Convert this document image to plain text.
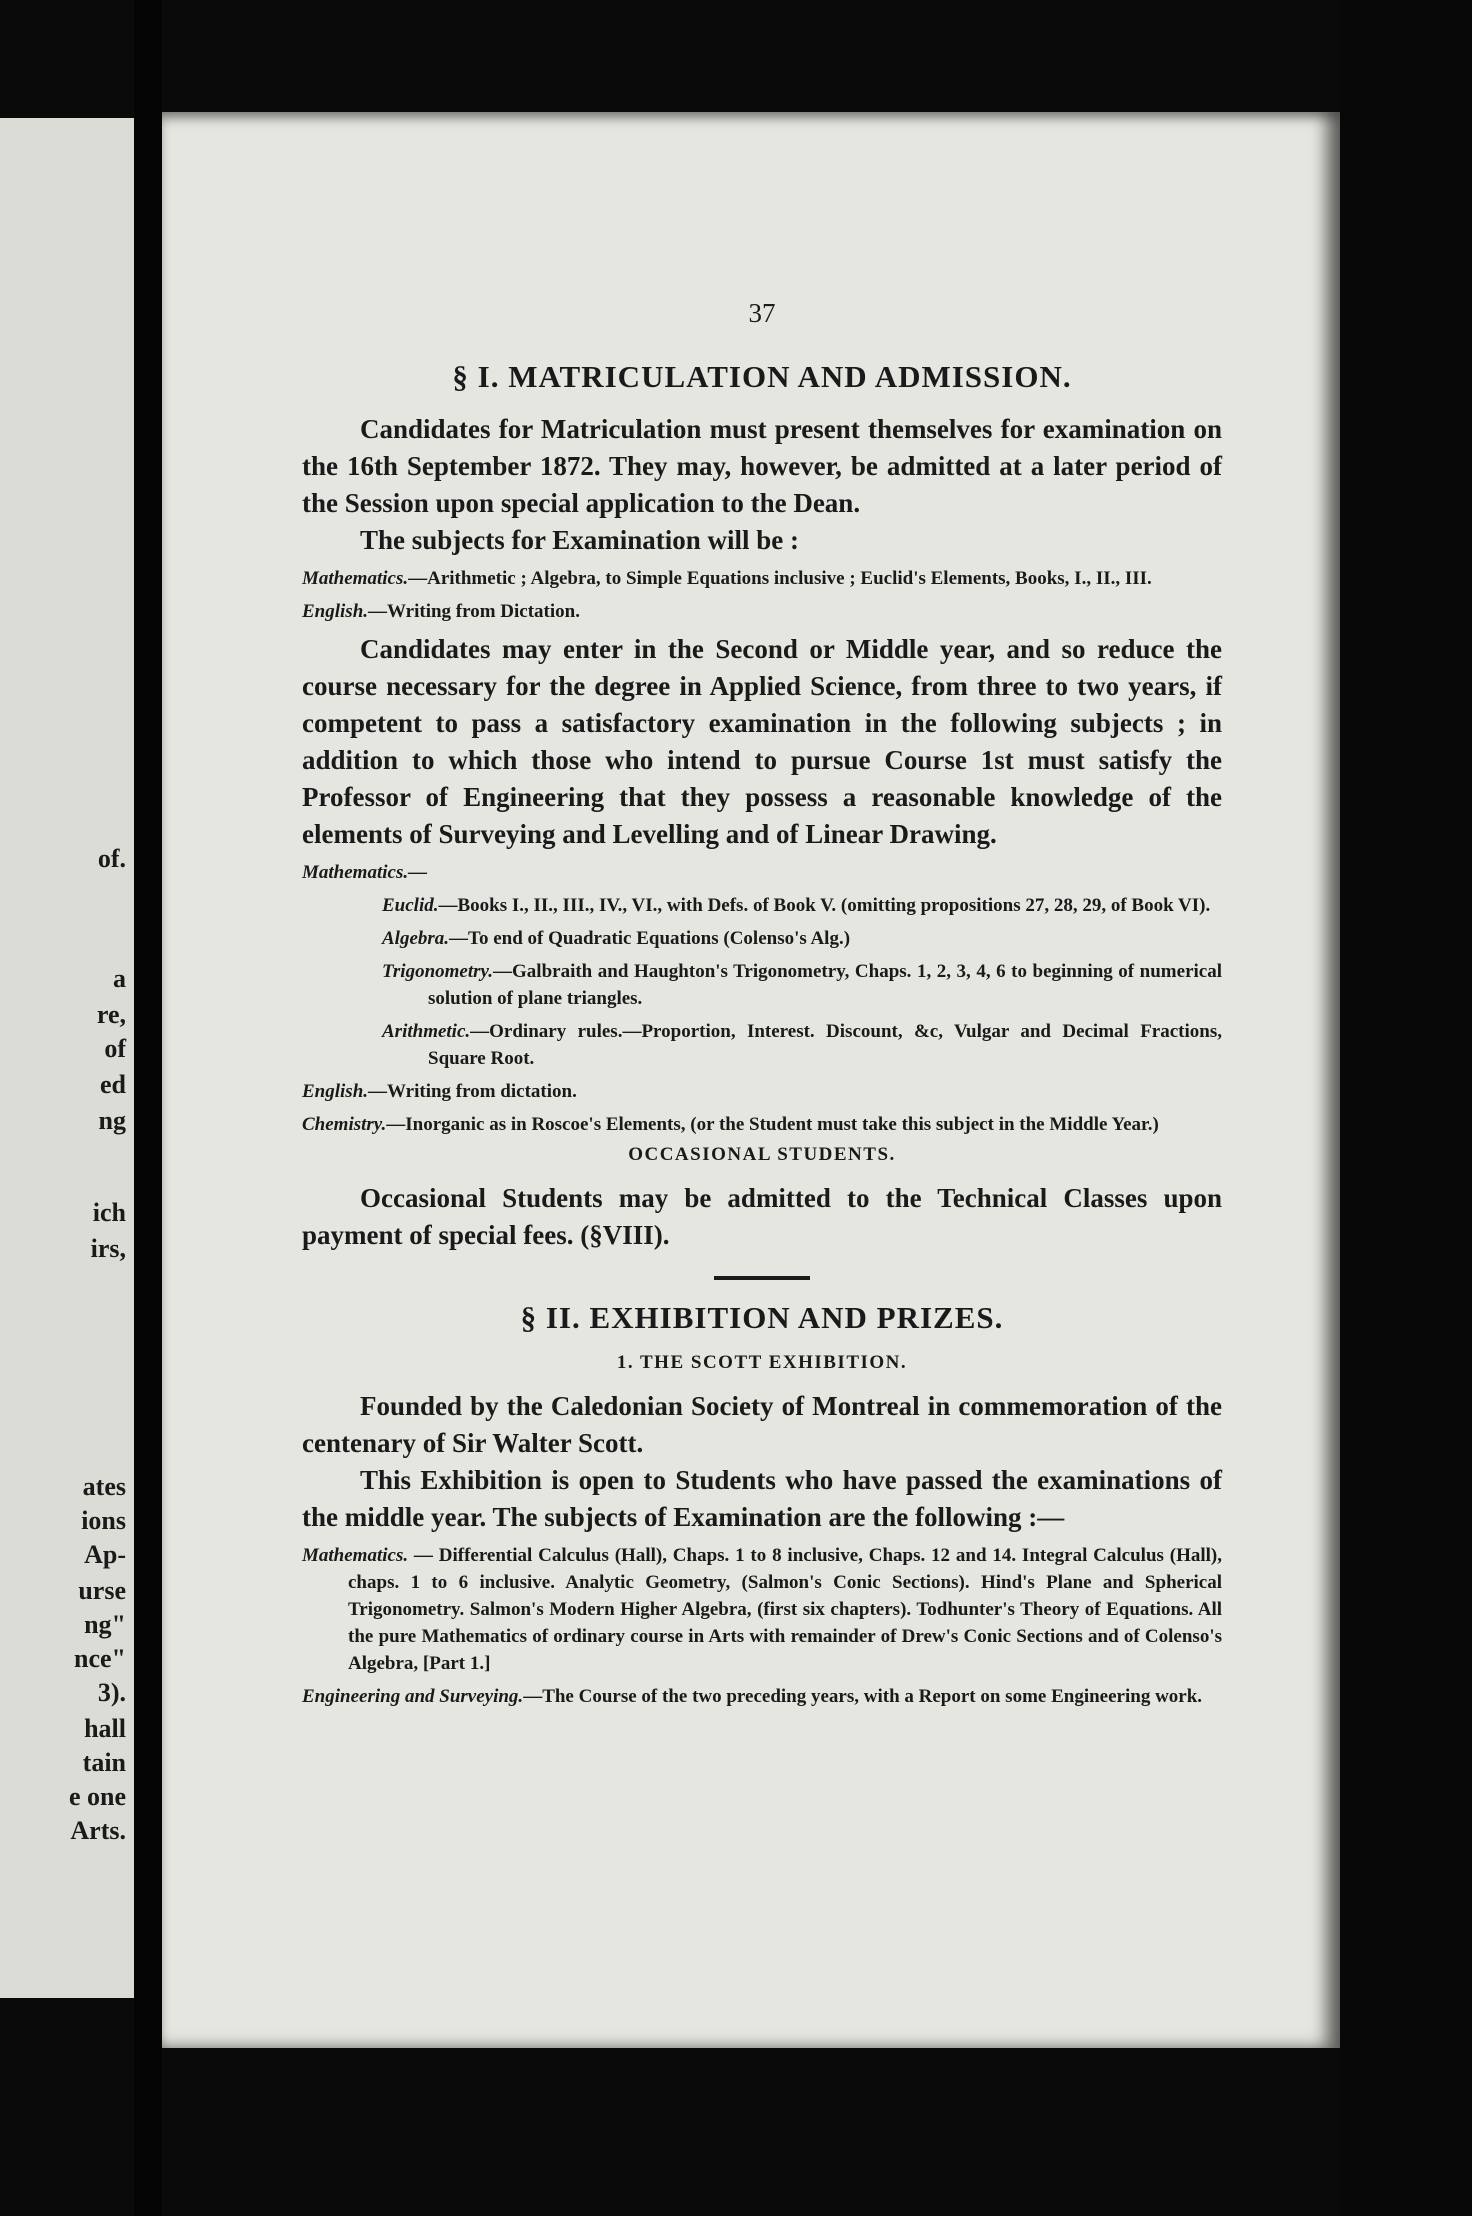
of.
a
re,
of
ed
ng
ich
irs,
ates
ions
Ap-
urse
ng"
nce"
3).
hall
tain
e one
Arts.
37
§ I. MATRICULATION AND ADMISSION.

Candidates for Matriculation must present themselves for examination on the 16th September 1872. They may, however, be admitted at a later period of the Session upon special application to the Dean.

The subjects for Examination will be :

Mathematics.—Arithmetic ; Algebra, to Simple Equations inclusive ; Euclid's Elements, Books, I., II., III.
English.—Writing from Dictation.

Candidates may enter in the Second or Middle year, and so reduce the course necessary for the degree in Applied Science, from three to two years, if competent to pass a satisfactory examination in the following subjects ; in addition to which those who intend to pursue Course 1st must satisfy the Professor of Engineering that they possess a reasonable knowledge of the elements of Surveying and Levelling and of Linear Drawing.

Mathematics.—
Euclid.—Books I., II., III., IV., VI., with Defs. of Book V. (omitting propositions 27, 28, 29, of Book VI).
Algebra.—To end of Quadratic Equations (Colenso's Alg.)
Trigonometry.—Galbraith and Haughton's Trigonometry, Chaps. 1, 2, 3, 4, 6 to beginning of numerical solution of plane triangles.
Arithmetic.—Ordinary rules.—Proportion, Interest. Discount, &c, Vulgar and Decimal Fractions, Square Root.
English.—Writing from dictation.
Chemistry.—Inorganic as in Roscoe's Elements, (or the Student must take this subject in the Middle Year.)
OCCASIONAL STUDENTS.

Occasional Students may be admitted to the Technical Classes upon payment of special fees. (§VIII).

§ II. EXHIBITION AND PRIZES.
1. THE SCOTT EXHIBITION.

Founded by the Caledonian Society of Montreal in commemoration of the centenary of Sir Walter Scott.

This Exhibition is open to Students who have passed the examinations of the middle year. The subjects of Examination are the following :—

Mathematics. — Differential Calculus (Hall), Chaps. 1 to 8 inclusive, Chaps. 12 and 14. Integral Calculus (Hall), chaps. 1 to 6 inclusive. Analytic Geometry, (Salmon's Conic Sections). Hind's Plane and Spherical Trigonometry. Salmon's Modern Higher Algebra, (first six chapters). Todhunter's Theory of Equations. All the pure Mathematics of ordinary course in Arts with remainder of Drew's Conic Sections and of Colenso's Algebra, [Part 1.]
Engineering and Surveying.—The Course of the two preceding years, with a Report on some Engineering work.
